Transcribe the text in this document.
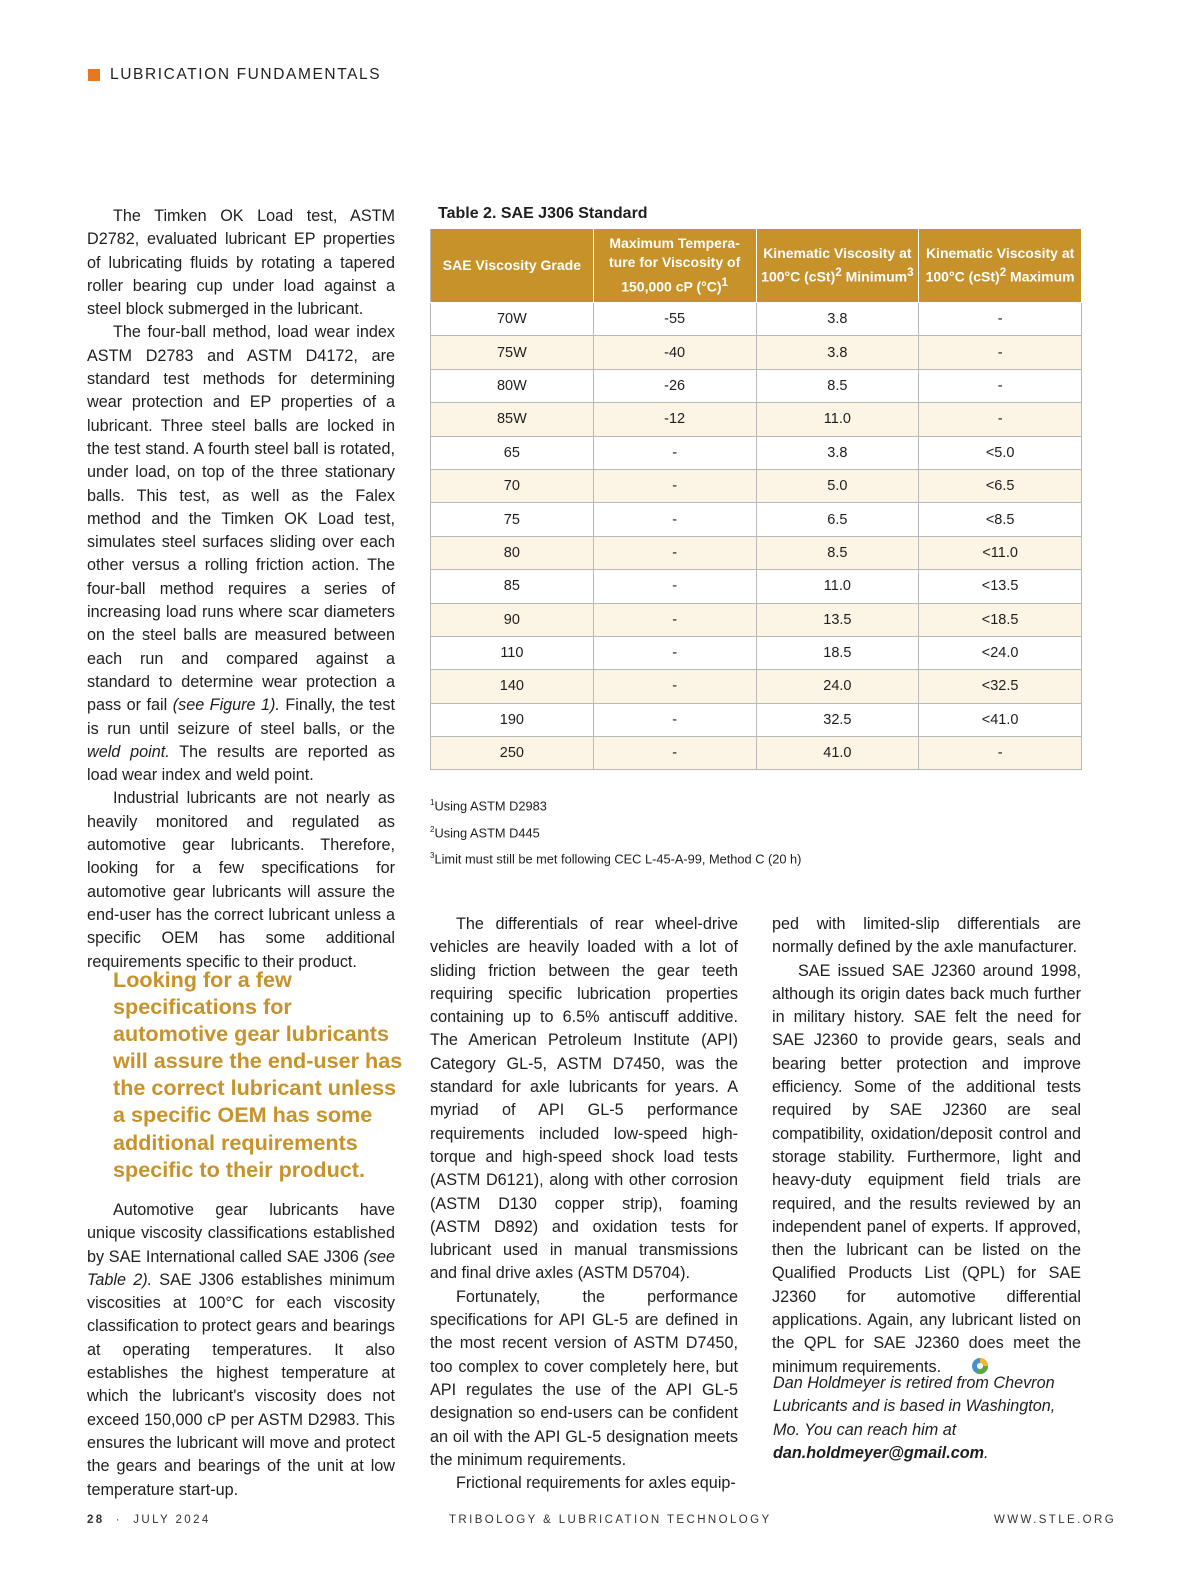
LUBRICATION FUNDAMENTALS

The Timken OK Load test, ASTM D2782, evaluated lubricant EP properties of lubricating fluids by rotating a tapered roller bearing cup under load against a steel block submerged in the lubricant.

The four-ball method, load wear index ASTM D2783 and ASTM D4172, are standard test methods for determining wear protection and EP properties of a lubricant. Three steel balls are locked in the test stand. A fourth steel ball is rotated, under load, on top of the three stationary balls. This test, as well as the Falex method and the Timken OK Load test, simulates steel surfaces sliding over each other versus a rolling friction action. The four-ball method requires a series of increasing load runs where scar diameters on the steel balls are measured between each run and compared against a standard to determine wear protection a pass or fail (see Figure 1). Finally, the test is run until seizure of steel balls, or the weld point. The results are reported as load wear index and weld point.

Industrial lubricants are not nearly as heavily monitored and regulated as automotive gear lubricants. Therefore, looking for a few specifications for automotive gear lubricants will assure the end-user has the correct lubricant unless a specific OEM has some additional requirements specific to their product.

Looking for a few specifications for automotive gear lubricants will assure the end-user has the correct lubricant unless a specific OEM has some additional requirements specific to their product.

Automotive gear lubricants have unique viscosity classifications established by SAE International called SAE J306 (see Table 2). SAE J306 establishes minimum viscosities at 100°C for each viscosity classification to protect gears and bearings at operating temperatures. It also establishes the highest temperature at which the lubricant's viscosity does not exceed 150,000 cP per ASTM D2983. This ensures the lubricant will move and protect the gears and bearings of the unit at low temperature start-up.

Table 2. SAE J306 Standard
SAE Viscosity Grade	Maximum Tempera-
ture for Viscosity of
150,000 cP $(^\circ C)^1$	Kinematic Viscosity at
100°C (cSt)$^2$ Minimum$^3$	Kinematic Viscosity at
100°C (cSt)$^2$ Maximum
70W	-55	3.8	-
75W	-40	3.8	-
80W	-26	8.5	-
85W	-12	11.0	-
65	-	3.8	<5.0
70	-	5.0	<6.5
75	-	6.5	<8.5
80	-	8.5	<11.0
85	-	11.0	<13.5
90	-	13.5	<18.5
110	-	18.5	<24.0
140	-	24.0	<32.5
190	-	32.5	<41.0
250	-	41.0	-
$^1$Using ASTM D2983
$^2$Using ASTM D445
$^3$Limit must still be met following CEC L-45-A-99, Method C (20 h)

The differentials of rear wheel-drive vehicles are heavily loaded with a lot of sliding friction between the gear teeth requiring specific lubrication properties containing up to 6.5% antiscuff additive. The American Petroleum Institute (API) Category GL-5, ASTM D7450, was the standard for axle lubricants for years. A myriad of API GL-5 performance requirements included low-speed high-torque and high-speed shock load tests (ASTM D6121), along with other corrosion (ASTM D130 copper strip), foaming (ASTM D892) and oxidation tests for lubricant used in manual transmissions and final drive axles (ASTM D5704).

Fortunately, the performance specifications for API GL-5 are defined in the most recent version of ASTM D7450, too complex to cover completely here, but API regulates the use of the API GL-5 designation so end-users can be confident an oil with the API GL-5 designation meets the minimum requirements.

Frictional requirements for axles equip-

ped with limited-slip differentials are normally defined by the axle manufacturer.

SAE issued SAE J2360 around 1998, although its origin dates back much further in military history. SAE felt the need for SAE J2360 to provide gears, seals and bearing better protection and improve efficiency. Some of the additional tests required by SAE J2360 are seal compatibility, oxidation/deposit control and storage stability. Furthermore, light and heavy-duty equipment field trials are required, and the results reviewed by an independent panel of experts. If approved, then the lubricant can be listed on the Qualified Products List (QPL) for SAE J2360 for automotive differential applications. Again, any lubricant listed on the QPL for SAE J2360 does meet the minimum requirements.

Dan Holdmeyer is retired from Chevron Lubricants and is based in Washington, Mo. You can reach him at dan.holdmeyer@gmail.com.
28 · JULY 2024	TRIBOLOGY & LUBRICATION TECHNOLOGY	WWW.STLE.ORG
